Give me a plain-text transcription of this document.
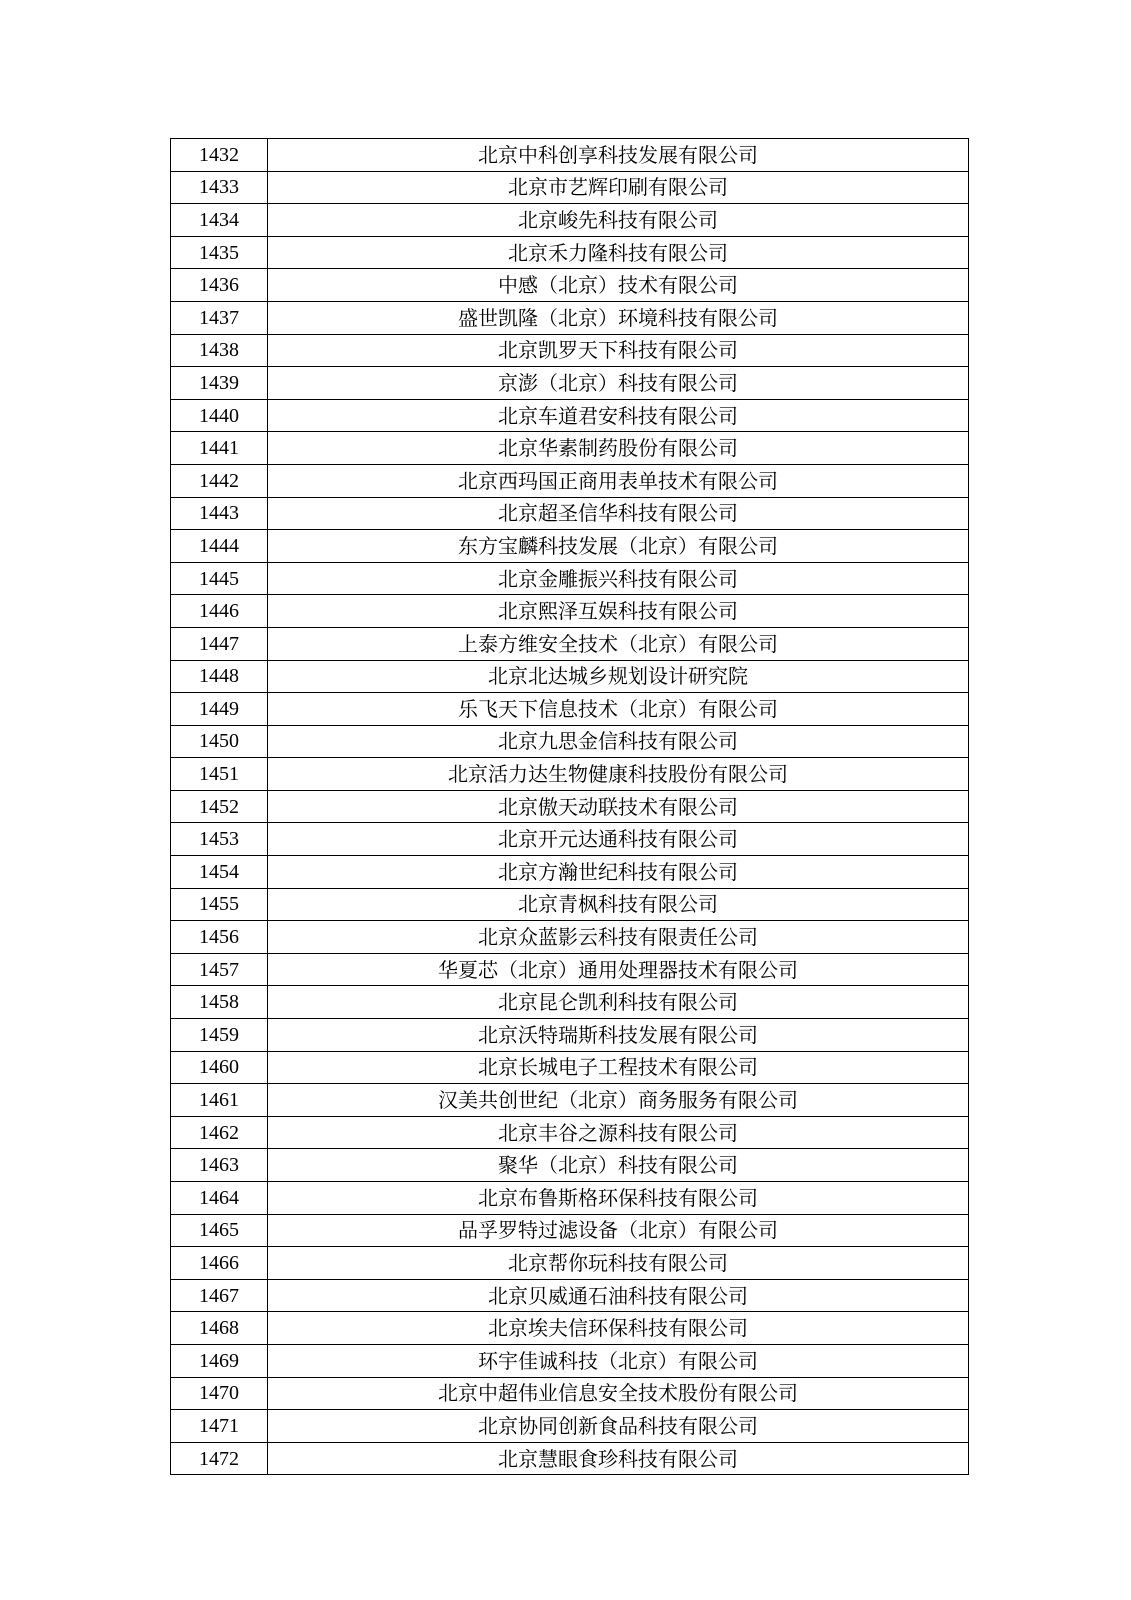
1432	北京中科创享科技发展有限公司
1433	北京市艺辉印刷有限公司
1434	北京峻先科技有限公司
1435	北京禾力隆科技有限公司
1436	中感（北京）技术有限公司
1437	盛世凯隆（北京）环境科技有限公司
1438	北京凯罗天下科技有限公司
1439	京澎（北京）科技有限公司
1440	北京车道君安科技有限公司
1441	北京华素制药股份有限公司
1442	北京西玛国正商用表单技术有限公司
1443	北京超圣信华科技有限公司
1444	东方宝麟科技发展（北京）有限公司
1445	北京金雕振兴科技有限公司
1446	北京熙泽互娱科技有限公司
1447	上泰方维安全技术（北京）有限公司
1448	北京北达城乡规划设计研究院
1449	乐飞天下信息技术（北京）有限公司
1450	北京九思金信科技有限公司
1451	北京活力达生物健康科技股份有限公司
1452	北京傲天动联技术有限公司
1453	北京开元达通科技有限公司
1454	北京方瀚世纪科技有限公司
1455	北京青枫科技有限公司
1456	北京众蓝影云科技有限责任公司
1457	华夏芯（北京）通用处理器技术有限公司
1458	北京昆仑凯利科技有限公司
1459	北京沃特瑞斯科技发展有限公司
1460	北京长城电子工程技术有限公司
1461	汉美共创世纪（北京）商务服务有限公司
1462	北京丰谷之源科技有限公司
1463	聚华（北京）科技有限公司
1464	北京布鲁斯格环保科技有限公司
1465	品孚罗特过滤设备（北京）有限公司
1466	北京帮你玩科技有限公司
1467	北京贝威通石油科技有限公司
1468	北京埃夫信环保科技有限公司
1469	环宇佳诚科技（北京）有限公司
1470	北京中超伟业信息安全技术股份有限公司
1471	北京协同创新食品科技有限公司
1472	北京慧眼食珍科技有限公司
